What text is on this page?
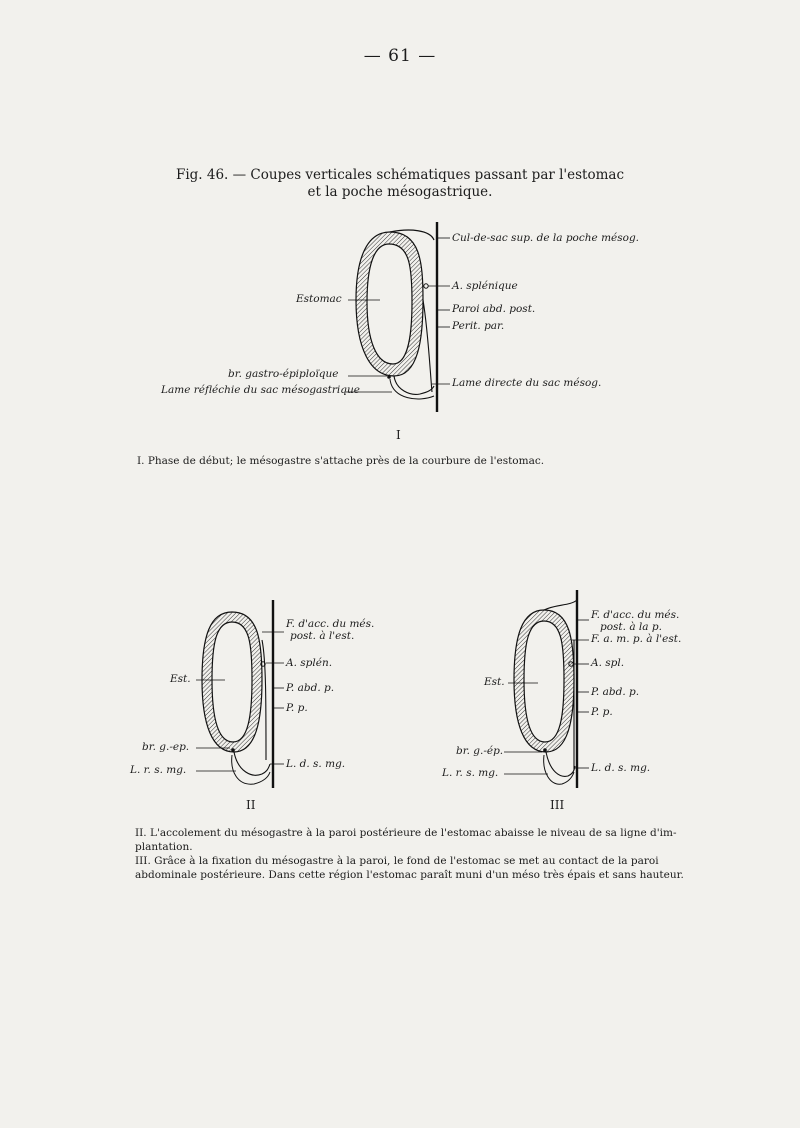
— 61 —
Fig. 46. — Coupes verticales schématiques passant par l'estomac
et la poche mésogastrique.
Cul-de-sac sup. de la poche mésog.
A. splénique
Estomac
Paroi abd. post.
Perit. par.
br. gastro-épiploïque
Lame réfléchie du sac mésogastrique
Lame directe du sac mésog.
I
I. Phase de début; le mésogastre s'attache près de la courbure de l'estomac.
F. d'acc. du més.
post. à l'est.
A. splén.
Est.
P. abd. p.
P. p.
br. g.-ep.
L. r. s. mg.	L. d. s. mg.
II
F. d'acc. du més.
post. à la p.
F. a. m. p. à l'est.
A. spl.
Est.
P. abd. p.
P. p.
br. g.-ép.
L. r. s. mg.	L. d. s. mg.
III
II. L'accolement du mésogastre à la paroi postérieure de l'estomac abaisse le niveau de sa ligne d'im-
plantation.
III. Grâce à la fixation du mésogastre à la paroi, le fond de l'estomac se met au contact de la paroi
abdominale postérieure. Dans cette région l'estomac paraît muni d'un méso très épais et sans hauteur.
